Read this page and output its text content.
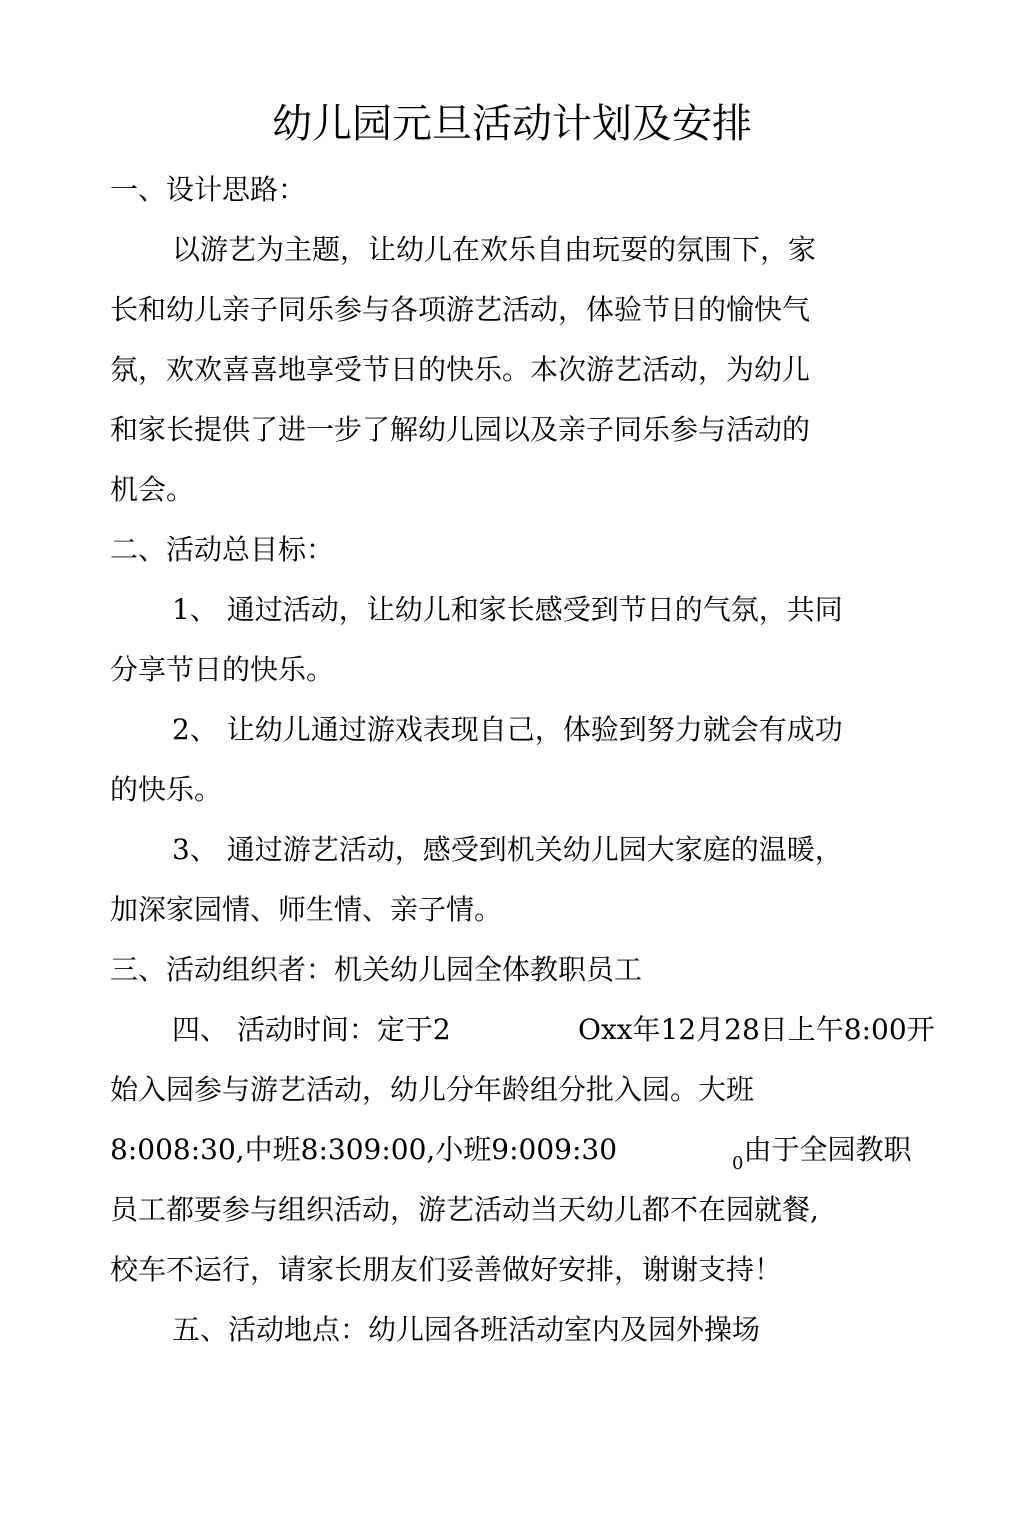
幼儿园元旦活动计划及安排
一、设计思路：
以游艺为主题，让幼儿在欢乐自由玩耍的氛围下，家
长和幼儿亲子同乐参与各项游艺活动，体验节日的愉快气
氛，欢欢喜喜地享受节日的快乐。本次游艺活动，为幼儿
和家长提供了进一步了解幼儿园以及亲子同乐参与活动的
机会。
二、活动总目标：
1、 通过活动，让幼儿和家长感受到节日的气氛，共同
分享节日的快乐。
2、 让幼儿通过游戏表现自己，体验到努力就会有成功
的快乐。
3、 通过游艺活动，感受到机关幼儿园大家庭的温暖，
加深家园情、师生情、亲子情。
三、活动组织者：机关幼儿园全体教职员工
四、 活动时间：定于2	Oxx年12月28日上午8:00开
始入园参与游艺活动，幼儿分年龄组分批入园。大班
8:008:30,中班8:309:00,小班9:009:30	$_0$由于全园教职
员工都要参与组织活动，游艺活动当天幼儿都不在园就餐,
校车不运行，请家长朋友们妥善做好安排，谢谢支持！
五、活动地点：幼儿园各班活动室内及园外操场
